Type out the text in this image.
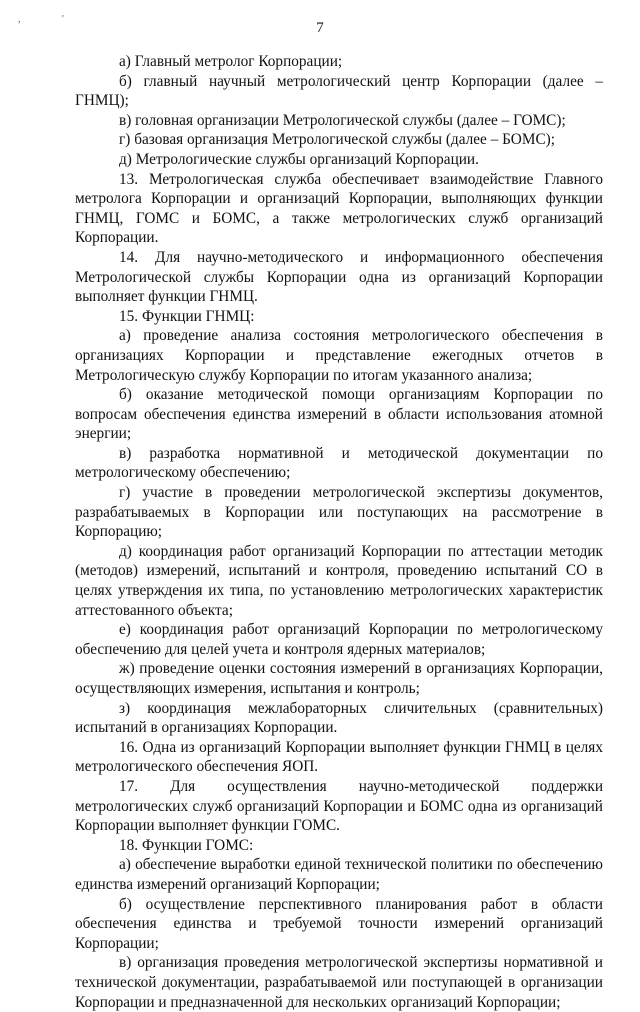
,	'
7

а) Главный метролог Корпорации;

б) главный научный метрологический центр Корпорации (далее – ГНМЦ);

в) головная организации Метрологической службы (далее – ГОМС);

г) базовая организация Метрологической службы (далее – БОМС);

д) Метрологические службы организаций Корпорации.

13. Метрологическая служба обеспечивает взаимодействие Главного метролога Корпорации и организаций Корпорации, выполняющих функции ГНМЦ, ГОМС и БОМС, а также метрологических служб организаций Корпорации.

14. Для научно-методического и информационного обеспечения Метрологической службы Корпорации одна из организаций Корпорации выполняет функции ГНМЦ.

15. Функции ГНМЦ:

а) проведение анализа состояния метрологического обеспечения в организациях Корпорации и представление ежегодных отчетов в Метрологическую службу Корпорации по итогам указанного анализа;

б) оказание методической помощи организациям Корпорации по вопросам обеспечения единства измерений в области использования атомной энергии;

в) разработка нормативной и методической документации по метрологическому обеспечению;

г) участие в проведении метрологической экспертизы документов, разрабатываемых в Корпорации или поступающих на рассмотрение в Корпорацию;

д) координация работ организаций Корпорации по аттестации методик (методов) измерений, испытаний и контроля, проведению испытаний СО в целях утверждения их типа, по установлению метрологических характеристик аттестованного объекта;

е) координация работ организаций Корпорации по метрологическому обеспечению для целей учета и контроля ядерных материалов;

ж) проведение оценки состояния измерений в организациях Корпорации, осуществляющих измерения, испытания и контроль;

з) координация межлабораторных сличительных (сравнительных) испытаний в организациях Корпорации.

16. Одна из организаций Корпорации выполняет функции ГНМЦ в целях метрологического обеспечения ЯОП.

17. Для осуществления научно-методической поддержки метрологических служб организаций Корпорации и БОМС одна из организаций Корпорации выполняет функции ГОМС.

18. Функции ГОМС:

а) обеспечение выработки единой технической политики по обеспечению единства измерений организаций Корпорации;

б) осуществление перспективного планирования работ в области обеспечения единства и требуемой точности измерений организаций Корпорации;

в) организация проведения метрологической экспертизы нормативной и технической документации, разрабатываемой или поступающей в организации Корпорации и предназначенной для нескольких организаций Корпорации;
